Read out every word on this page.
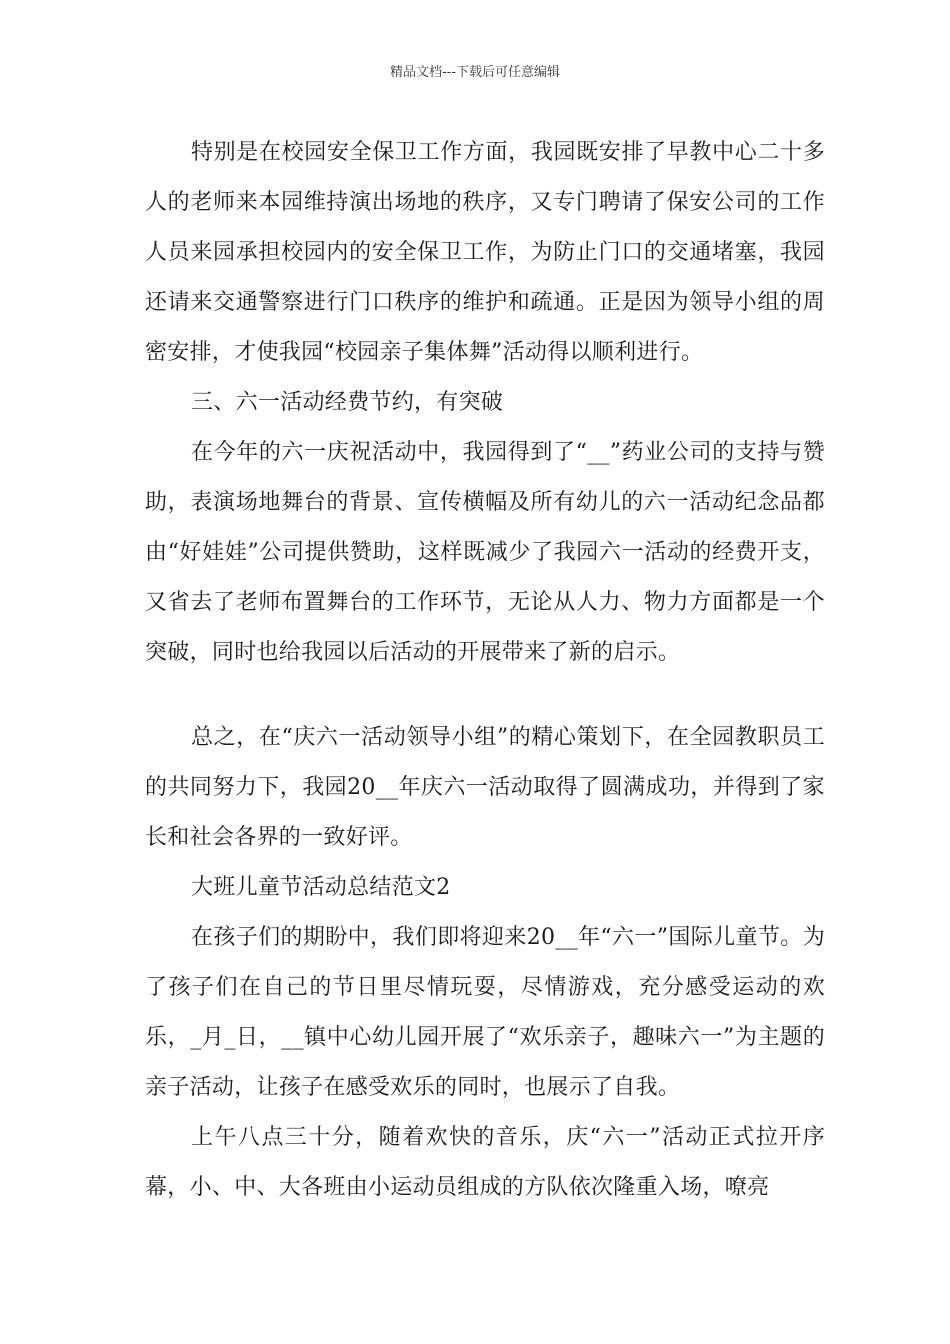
精品文档---下载后可任意编辑

特别是在校园安全保卫工作方面，我园既安排了早教中心二十多人的老师来本园维持演出场地的秩序，又专门聘请了保安公司的工作人员来园承担校园内的安全保卫工作，为防止门口的交通堵塞，我园还请来交通警察进行门口秩序的维护和疏通。正是因为领导小组的周密安排，才使我园“校园亲子集体舞”活动得以顺利进行。

三、六一活动经费节约，有突破

在今年的六一庆祝活动中，我园得到了“__”药业公司的支持与赞助，表演场地舞台的背景、宣传横幅及所有幼儿的六一活动纪念品都由“好娃娃”公司提供赞助，这样既减少了我园六一活动的经费开支，又省去了老师布置舞台的工作环节，无论从人力、物力方面都是一个突破，同时也给我园以后活动的开展带来了新的启示。

总之，在“庆六一活动领导小组”的精心策划下，在全园教职员工的共同努力下，我园20__年庆六一活动取得了圆满成功，并得到了家长和社会各界的一致好评。

大班儿童节活动总结范文2

在孩子们的期盼中，我们即将迎来20__年“六一”国际儿童节。为了孩子们在自己的节日里尽情玩耍，尽情游戏，充分感受运动的欢乐，_月_日，__镇中心幼儿园开展了“欢乐亲子，趣味六一”为主题的亲子活动，让孩子在感受欢乐的同时，也展示了自我。

上午八点三十分，随着欢快的音乐，庆“六一”活动正式拉开序幕，小、中、大各班由小运动员组成的方队依次隆重入场，嘹亮
